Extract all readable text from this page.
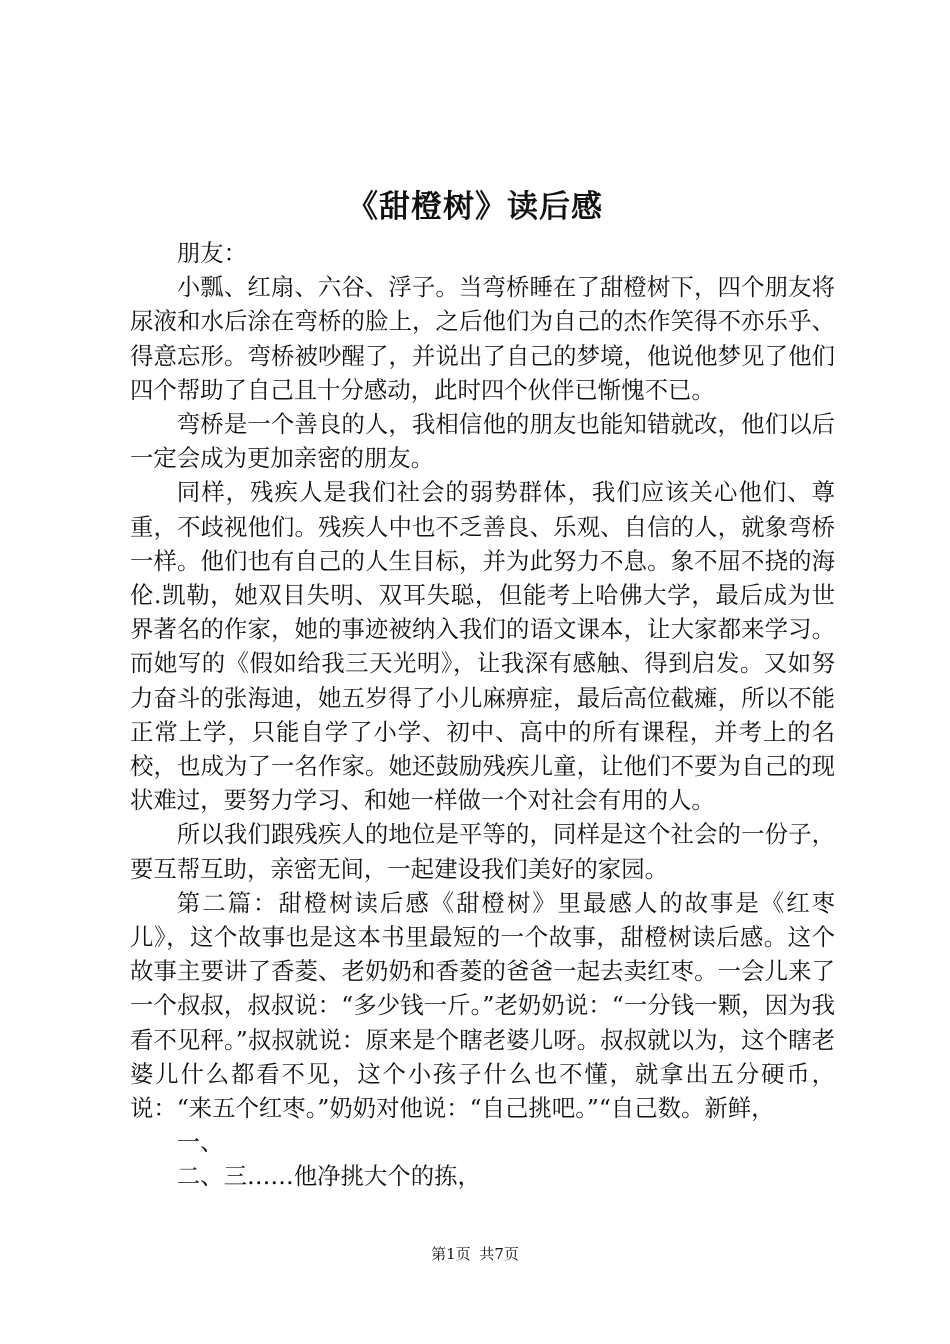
《甜橙树》读后感

朋友：

小瓢、红扇、六谷、浮子。当弯桥睡在了甜橙树下，四个朋友将尿液和水后涂在弯桥的脸上，之后他们为自己的杰作笑得不亦乐乎、得意忘形。弯桥被吵醒了，并说出了自己的梦境，他说他梦见了他们四个帮助了自己且十分感动，此时四个伙伴已惭愧不已。

弯桥是一个善良的人，我相信他的朋友也能知错就改，他们以后一定会成为更加亲密的朋友。

同样，残疾人是我们社会的弱势群体，我们应该关心他们、尊重，不歧视他们。残疾人中也不乏善良、乐观、自信的人，就象弯桥一样。他们也有自己的人生目标，并为此努力不息。象不屈不挠的海伦.凯勒，她双目失明、双耳失聪，但能考上哈佛大学，最后成为世界著名的作家，她的事迹被纳入我们的语文课本，让大家都来学习。而她写的《假如给我三天光明》，让我深有感触、得到启发。又如努力奋斗的张海迪，她五岁得了小儿麻痹症，最后高位截瘫，所以不能正常上学，只能自学了小学、初中、高中的所有课程，并考上的名校，也成为了一名作家。她还鼓励残疾儿童，让他们不要为自己的现状难过，要努力学习、和她一样做一个对社会有用的人。

所以我们跟残疾人的地位是平等的，同样是这个社会的一份子，要互帮互助，亲密无间，一起建设我们美好的家园。

第二篇：甜橙树读后感《甜橙树》里最感人的故事是《红枣儿》，这个故事也是这本书里最短的一个故事，甜橙树读后感。这个故事主要讲了香菱、老奶奶和香菱的爸爸一起去卖红枣。一会儿来了一个叔叔，叔叔说：“多少钱一斤。”老奶奶说：“一分钱一颗，因为我看不见秤。”叔叔就说：原来是个瞎老婆儿呀。叔叔就以为，这个瞎老婆儿什么都看不见，这个小孩子什么也不懂，就拿出五分硬币，说：“来五个红枣。”奶奶对他说：“自己挑吧。”“自己数。新鲜，

一、

二、三……他净挑大个的拣，

第1页 共7页
